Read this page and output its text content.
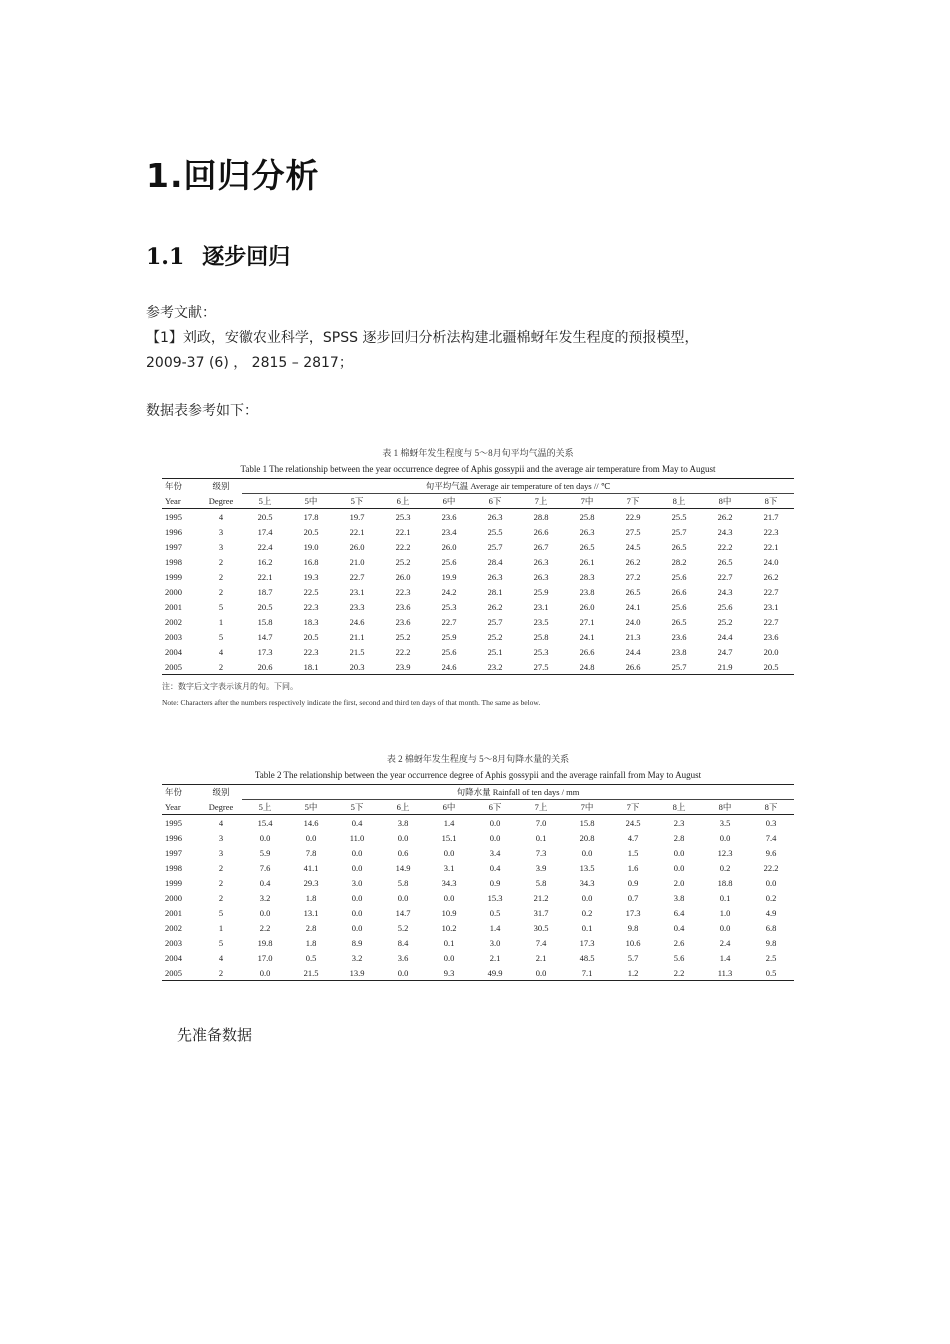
1.回归分析
1.1 逐步回归
参考文献：
【1】刘政，安徽农业科学，SPSS 逐步回归分析法构建北疆棉蚜年发生程度的预报模型，
2009-37 (6) ， 2815 – 2817；
数据表参考如下：
表 1 棉蚜年发生程度与 5～8月旬平均气温的关系
Table 1 The relationship between the year occurrence degree of Aphis gossypii and the average air temperature from May to August
年份	级别	旬平均气温 Average air temperature of ten days // ℃											
Year	Degree	5上	5中	5下	6上	6中	6下	7上	7中	7下	8上	8中	8下
1995	4	20.5	17.8	19.7	25.3	23.6	26.3	28.8	25.8	22.9	25.5	26.2	21.7
1996	3	17.4	20.5	22.1	22.1	23.4	25.5	26.6	26.3	27.5	25.7	24.3	22.3
1997	3	22.4	19.0	26.0	22.2	26.0	25.7	26.7	26.5	24.5	26.5	22.2	22.1
1998	2	16.2	16.8	21.0	25.2	25.6	28.4	26.3	26.1	26.2	28.2	26.5	24.0
1999	2	22.1	19.3	22.7	26.0	19.9	26.3	26.3	28.3	27.2	25.6	22.7	26.2
2000	2	18.7	22.5	23.1	22.3	24.2	28.1	25.9	23.8	26.5	26.6	24.3	22.7
2001	5	20.5	22.3	23.3	23.6	25.3	26.2	23.1	26.0	24.1	25.6	25.6	23.1
2002	1	15.8	18.3	24.6	23.6	22.7	25.7	23.5	27.1	24.0	26.5	25.2	22.7
2003	5	14.7	20.5	21.1	25.2	25.9	25.2	25.8	24.1	21.3	23.6	24.4	23.6
2004	4	17.3	22.3	21.5	22.2	25.6	25.1	25.3	26.6	24.4	23.8	24.7	20.0
2005	2	20.6	18.1	20.3	23.9	24.6	23.2	27.5	24.8	26.6	25.7	21.9	20.5
注：数字后文字表示该月的旬。下同。
Note: Characters after the numbers respectively indicate the first, second and third ten days of that month. The same as below.
表 2 棉蚜年发生程度与 5～8月旬降水量的关系
Table 2 The relationship between the year occurrence degree of Aphis gossypii and the average rainfall from May to August
年份	级别	旬降水量 Rainfall of ten days / mm											
Year	Degree	5上	5中	5下	6上	6中	6下	7上	7中	7下	8上	8中	8下
1995	4	15.4	14.6	0.4	3.8	1.4	0.0	7.0	15.8	24.5	2.3	3.5	0.3
1996	3	0.0	0.0	11.0	0.0	15.1	0.0	0.1	20.8	4.7	2.8	0.0	7.4
1997	3	5.9	7.8	0.0	0.6	0.0	3.4	7.3	0.0	1.5	0.0	12.3	9.6
1998	2	7.6	41.1	0.0	14.9	3.1	0.4	3.9	13.5	1.6	0.0	0.2	22.2
1999	2	0.4	29.3	3.0	5.8	34.3	0.9	5.8	34.3	0.9	2.0	18.8	0.0
2000	2	3.2	1.8	0.0	0.0	0.0	15.3	21.2	0.0	0.7	3.8	0.1	0.2
2001	5	0.0	13.1	0.0	14.7	10.9	0.5	31.7	0.2	17.3	6.4	1.0	4.9
2002	1	2.2	2.8	0.0	5.2	10.2	1.4	30.5	0.1	9.8	0.4	0.0	6.8
2003	5	19.8	1.8	8.9	8.4	0.1	3.0	7.4	17.3	10.6	2.6	2.4	9.8
2004	4	17.0	0.5	3.2	3.6	0.0	2.1	2.1	48.5	5.7	5.6	1.4	2.5
2005	2	0.0	21.5	13.9	0.0	9.3	49.9	0.0	7.1	1.2	2.2	11.3	0.5
先准备数据
